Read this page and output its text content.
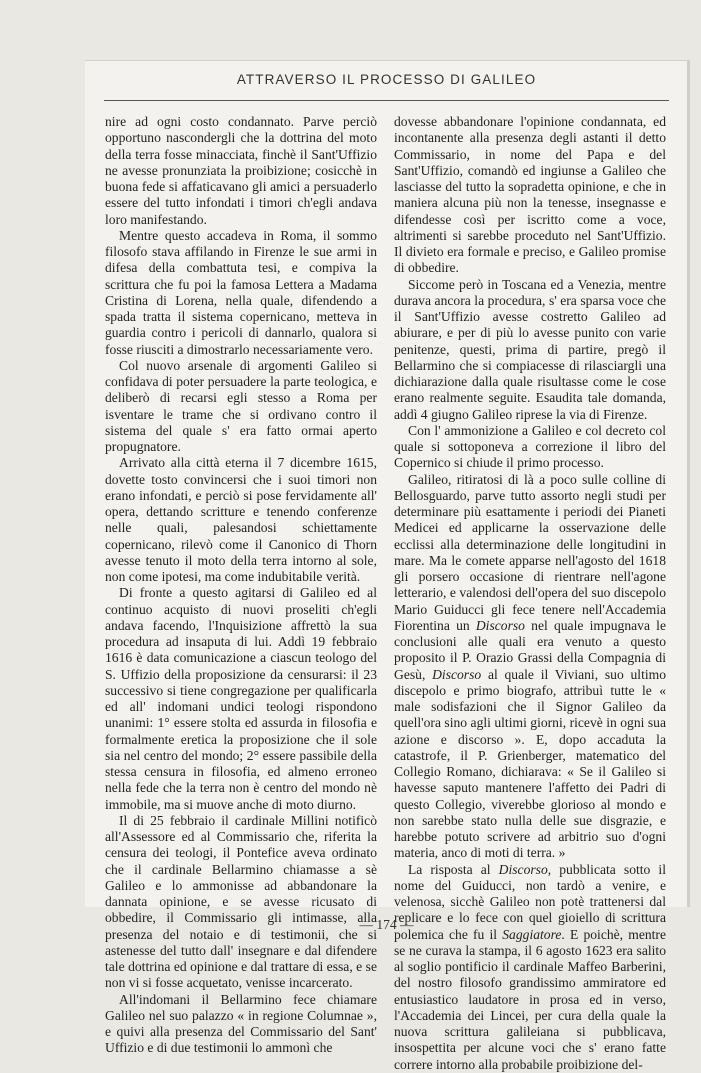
ATTRAVERSO IL PROCESSO DI GALILEO

nire ad ogni costo condannato. Parve perciò opportuno nascondergli che la dottrina del moto della terra fosse minacciata, finchè il Sant'Uffizio ne avesse pronunziata la proibizione; cosicchè in buona fede si affaticavano gli amici a persuaderlo essere del tutto infondati i timori ch'egli andava loro manifestando.

Mentre questo accadeva in Roma, il sommo filosofo stava affilando in Firenze le sue armi in difesa della combattuta tesi, e compiva la scrittura che fu poi la famosa Lettera a Madama Cristina di Lorena, nella quale, difendendo a spada tratta il sistema copernicano, metteva in guardia contro i pericoli di dannarlo, qualora si fosse riusciti a dimostrarlo necessariamente vero.

Col nuovo arsenale di argomenti Galileo si confidava di poter persuadere la parte teologica, e deliberò di recarsi egli stesso a Roma per isventare le trame che si ordivano contro il sistema del quale s' era fatto ormai aperto propugnatore.

Arrivato alla città eterna il 7 dicembre 1615, dovette tosto convincersi che i suoi timori non erano infondati, e perciò si pose fervidamente all' opera, dettando scritture e tenendo conferenze nelle quali, palesandosi schiettamente copernicano, rilevò come il Canonico di Thorn avesse tenuto il moto della terra intorno al sole, non come ipotesi, ma come indubitabile verità.

Di fronte a questo agitarsi di Galileo ed al continuo acquisto di nuovi proseliti ch'egli andava facendo, l'Inquisizione affrettò la sua procedura ad insaputa di lui. Addì 19 febbraio 1616 è data comunicazione a ciascun teologo del S. Uffizio della proposizione da censurarsi: il 23 successivo si tiene congregazione per qualificarla ed all' indomani undici teologi rispondono unanimi: 1° essere stolta ed assurda in filosofia e formalmente eretica la proposizione che il sole sia nel centro del mondo; 2° essere passibile della stessa censura in filosofia, ed almeno erroneo nella fede che la terra non è centro del mondo nè immobile, ma si muove anche di moto diurno.

Il di 25 febbraio il cardinale Millini notificò all'Assessore ed al Commissario che, riferita la censura dei teologi, il Pontefice aveva ordinato che il cardinale Bellarmino chiamasse a sè Galileo e lo ammonisse ad abbandonare la dannata opinione, e se avesse ricusato di obbedire, il Commissario gli intimasse, alla presenza del notaio e di testimonii, che si astenesse del tutto dall' insegnare e dal difendere tale dottrina ed opinione e dal trattare di essa, e se non vi si fosse acquetato, venisse incarcerato.

All'indomani il Bellarmino fece chiamare Galileo nel suo palazzo « in regione Columnae », e quivi alla presenza del Commissario del Sant' Uffizio e di due testimonii lo ammonì che

dovesse abbandonare l'opinione condannata, ed incontanente alla presenza degli astanti il detto Commissario, in nome del Papa e del Sant'Uffizio, comandò ed ingiunse a Galileo che lasciasse del tutto la sopradetta opinione, e che in maniera alcuna più non la tenesse, insegnasse e difendesse così per iscritto come a voce, altrimenti si sarebbe proceduto nel Sant'Uffizio. Il divieto era formale e preciso, e Galileo promise di obbedire.

Siccome però in Toscana ed a Venezia, mentre durava ancora la procedura, s' era sparsa voce che il Sant'Uffizio avesse costretto Galileo ad abiurare, e per di più lo avesse punito con varie penitenze, questi, prima di partire, pregò il Bellarmino che si compiacesse di rilasciargli una dichiarazione dalla quale risultasse come le cose erano realmente seguite. Esaudita tale domanda, addì 4 giugno Galileo riprese la via di Firenze.

Con l' ammonizione a Galileo e col decreto col quale si sottoponeva a correzione il libro del Copernico si chiude il primo processo.

Galileo, ritiratosi di là a poco sulle colline di Bellosguardo, parve tutto assorto negli studi per determinare più esattamente i periodi dei Pianeti Medicei ed applicarne la osservazione delle ecclissi alla determinazione delle longitudini in mare. Ma le comete apparse nell'agosto del 1618 gli porsero occasione di rientrare nell'agone letterario, e valendosi dell'opera del suo discepolo Mario Guiducci gli fece tenere nell'Accademia Fiorentina un Discorso nel quale impugnava le conclusioni alle quali era venuto a questo proposito il P. Orazio Grassi della Compagnia di Gesù, Discorso al quale il Viviani, suo ultimo discepolo e primo biografo, attribuì tutte le « male sodisfazioni che il Signor Galileo da quell'ora sino agli ultimi giorni, ricevè in ogni sua azione e discorso ». E, dopo accaduta la catastrofe, il P. Grienberger, matematico del Collegio Romano, dichiarava: « Se il Galileo si havesse saputo mantenere l'affetto dei Padri di questo Collegio, viverebbe glorioso al mondo e non sarebbe stato nulla delle sue disgrazie, e harebbe potuto scrivere ad arbitrio suo d'ogni materia, anco di moti di terra. »

La risposta al Discorso, pubblicata sotto il nome del Guiducci, non tardò a venire, e velenosa, sicchè Galileo non potè trattenersi dal replicare e lo fece con quel gioiello di scrittura polemica che fu il Saggiatore. E poichè, mentre se ne curava la stampa, il 6 agosto 1623 era salito al soglio pontificio il cardinale Maffeo Barberini, del nostro filosofo grandissimo ammiratore ed entusiastico laudatore in prosa ed in verso, l'Accademia dei Lincei, per cura della quale la nuova scrittura galileiana si pubblicava, insospettita per alcune voci che s' erano fatte correre intorno alla probabile proibizione del-

— 174 —
